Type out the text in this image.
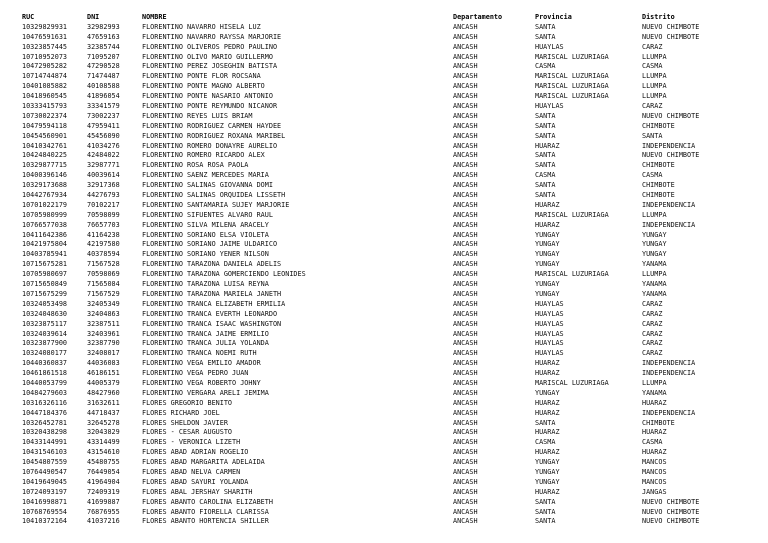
RUC	DNI	NOMBRE	Departamento	Provincia	Distrito
10329829931	32982993	FLORENTINO NAVARRO HISELA LUZ	ANCASH	SANTA	NUEVO CHIMBOTE
10476591631	47659163	FLORENTINO NAVARRO RAYSSA MARJORIE	ANCASH	SANTA	NUEVO CHIMBOTE
10323857445	32385744	FLORENTINO OLIVEROS PEDRO PAULINO	ANCASH	HUAYLAS	CARAZ
10710952073	71095207	FLORENTINO OLIVO MARIO GUILLERMO	ANCASH	MARISCAL LUZURIAGA	LLUMPA
10472905282	47290528	FLORENTINO PEREZ JOSEGHIN BATISTA	ANCASH	CASMA	CASMA
10714744874	71474487	FLORENTINO PONTE FLOR ROCSANA	ANCASH	MARISCAL LUZURIAGA	LLUMPA
10401085882	40108588	FLORENTINO PONTE MAGNO ALBERTO	ANCASH	MARISCAL LUZURIAGA	LLUMPA
10418960545	41896054	FLORENTINO PONTE NASARIO ANTONIO	ANCASH	MARISCAL LUZURIAGA	LLUMPA
10333415793	33341579	FLORENTINO PONTE REYMUNDO NICANOR	ANCASH	HUAYLAS	CARAZ
10730022374	73002237	FLORENTINO REYES LUIS BRIAM	ANCASH	SANTA	NUEVO CHIMBOTE
10479594118	47959411	FLORENTINO RODRIGUEZ CARMEN HAYDEE	ANCASH	SANTA	CHIMBOTE
10454560901	45456090	FLORENTINO RODRIGUEZ ROXANA MARIBEL	ANCASH	SANTA	SANTA
10410342761	41034276	FLORENTINO ROMERO DONAYRE AURELIO	ANCASH	HUARAZ	INDEPENDENCIA
10424840225	42484022	FLORENTINO ROMERO RICARDO ALEX	ANCASH	SANTA	NUEVO CHIMBOTE
10329877715	32987771	FLORENTINO ROSA ROSA PAOLA	ANCASH	SANTA	CHIMBOTE
10400396146	40039614	FLORENTINO SAENZ MERCEDES MARIA	ANCASH	CASMA	CASMA
10329173688	32917368	FLORENTINO SALINAS GIOVANNA DOMI	ANCASH	SANTA	CHIMBOTE
10442767934	44276793	FLORENTINO SALINAS ORQUIDEA LISSETH	ANCASH	SANTA	CHIMBOTE
10701022179	70102217	FLORENTINO SANTAMARIA SUJEY MARJORIE	ANCASH	HUARAZ	INDEPENDENCIA
10705980999	70598099	FLORENTINO SIFUENTES ALVARO RAUL	ANCASH	MARISCAL LUZURIAGA	LLUMPA
10766577038	76657703	FLORENTINO SILVA MILENA ARACELY	ANCASH	HUARAZ	INDEPENDENCIA
10411642386	41164238	FLORENTINO SORIANO ELSA VIOLETA	ANCASH	YUNGAY	YUNGAY
10421975804	42197580	FLORENTINO SORIANO JAIME ULDARICO	ANCASH	YUNGAY	YUNGAY
10403785941	40378594	FLORENTINO SORIANO YENER NILSON	ANCASH	YUNGAY	YUNGAY
10715675281	71567528	FLORENTINO TARAZONA DANIELA ADELIS	ANCASH	YUNGAY	YANAMA
10705980697	70598069	FLORENTINO TARAZONA GOMERCIENDO LEONIDES	ANCASH	MARISCAL LUZURIAGA	LLUMPA
10715650849	71565084	FLORENTINO TARAZONA LUISA REYNA	ANCASH	YUNGAY	YANAMA
10715675299	71567529	FLORENTINO TARAZONA MARIELA JANETH	ANCASH	YUNGAY	YANAMA
10324053498	32405349	FLORENTINO TRANCA ELIZABETH ERMILIA	ANCASH	HUAYLAS	CARAZ
10324048630	32404863	FLORENTINO TRANCA EVERTH LEONARDO	ANCASH	HUAYLAS	CARAZ
10323875117	32387511	FLORENTINO TRANCA ISAAC WASHINGTON	ANCASH	HUAYLAS	CARAZ
10324039614	32403961	FLORENTINO TRANCA JAIME ERMILIO	ANCASH	HUAYLAS	CARAZ
10323877900	32387790	FLORENTINO TRANCA JULIA YOLANDA	ANCASH	HUAYLAS	CARAZ
10324080177	32408017	FLORENTINO TRANCA NOEMI RUTH	ANCASH	HUAYLAS	CARAZ
10440360837	44036083	FLORENTINO VEGA EMILIO AMADOR	ANCASH	HUARAZ	INDEPENDENCIA
10461861518	46186151	FLORENTINO VEGA PEDRO JUAN	ANCASH	HUARAZ	INDEPENDENCIA
10440053799	44005379	FLORENTINO VEGA ROBERTO JOHNY	ANCASH	MARISCAL LUZURIAGA	LLUMPA
10484279603	48427960	FLORENTINO VERGARA ARELI JEMIMA	ANCASH	YUNGAY	YANAMA
10316326116	31632611	FLORES GREGORIO BENITO	ANCASH	HUARAZ	HUARAZ
10447184376	44718437	FLORES RICHARD JOEL	ANCASH	HUARAZ	INDEPENDENCIA
10326452781	32645278	FLORES SHELDON JAVIER	ANCASH	SANTA	CHIMBOTE
10320438298	32043829	FLORES - CESAR AUGUSTO	ANCASH	HUARAZ	HUARAZ
10433144991	43314499	FLORES - VERONICA LIZETH	ANCASH	CASMA	CASMA
10431546103	43154610	FLORES ABAD ADRIAN ROGELIO	ANCASH	HUARAZ	HUARAZ
10454807559	45480755	FLORES ABAD MARGARITA ADELAIDA	ANCASH	YUNGAY	MANCOS
10764490547	76449054	FLORES ABAD NELVA CARMEN	ANCASH	YUNGAY	MANCOS
10419649045	41964904	FLORES ABAD SAYURI YOLANDA	ANCASH	YUNGAY	MANCOS
10724093197	72409319	FLORES ABAL JERSHAY SHARITH	ANCASH	HUARAZ	JANGAS
10416998871	41699887	FLORES ABANTO CAROLINA ELIZABETH	ANCASH	SANTA	NUEVO CHIMBOTE
10768769554	76876955	FLORES ABANTO FIORELLA CLARISSA	ANCASH	SANTA	NUEVO CHIMBOTE
10410372164	41037216	FLORES ABANTO HORTENCIA SHILLER	ANCASH	SANTA	NUEVO CHIMBOTE
